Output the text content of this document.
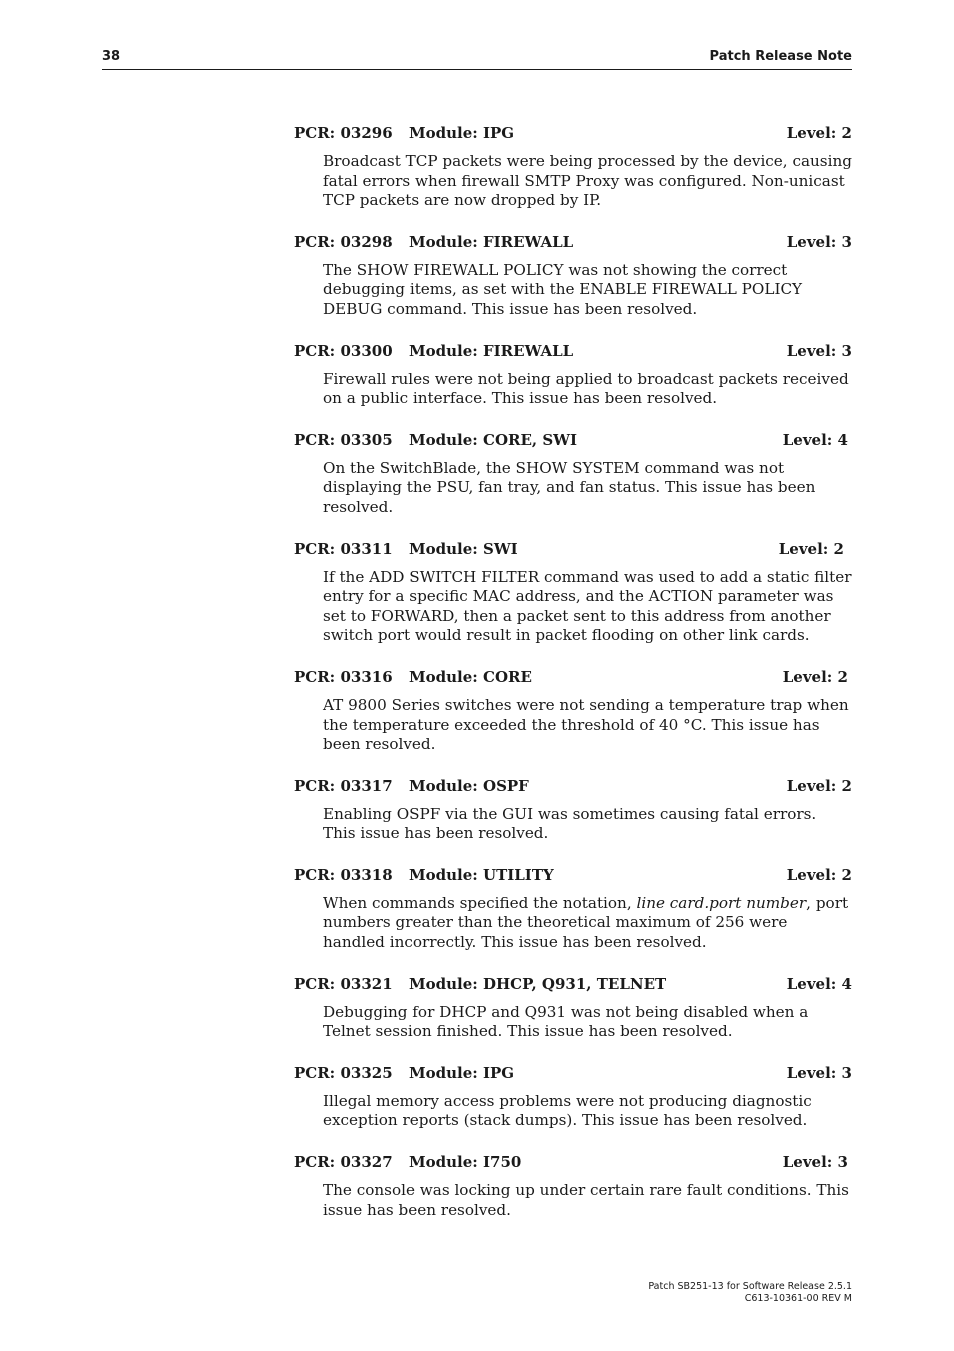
38	Patch Release Note
PCR: 03296 Module: IPG	Level: 2
Broadcast TCP packets were being processed by the device, causing fatal errors when firewall SMTP Proxy was configured. Non-unicast TCP packets are now dropped by IP.
PCR: 03298 Module: FIREWALL	Level: 3
The SHOW FIREWALL POLICY was not showing the correct debugging items, as set with the ENABLE FIREWALL POLICY DEBUG command. This issue has been resolved.
PCR: 03300 Module: FIREWALL	Level: 3
Firewall rules were not being applied to broadcast packets received on a public interface. This issue has been resolved.
PCR: 03305 Module: CORE, SWI	Level: 4
On the SwitchBlade, the SHOW SYSTEM command was not displaying the PSU, fan tray, and fan status. This issue has been resolved.
PCR: 03311 Module: SWI	Level: 2
If the ADD SWITCH FILTER command was used to add a static filter entry for a specific MAC address, and the ACTION parameter was set to FORWARD, then a packet sent to this address from another switch port would result in packet flooding on other link cards.
PCR: 03316 Module: CORE	Level: 2
AT 9800 Series switches were not sending a temperature trap when the temperature exceeded the threshold of 40 °C. This issue has been resolved.
PCR: 03317 Module: OSPF	Level: 2
Enabling OSPF via the GUI was sometimes causing fatal errors. This issue has been resolved.
PCR: 03318 Module: UTILITY	Level: 2
When commands specified the notation, line card.port number, port numbers greater than the theoretical maximum of 256 were handled incorrectly. This issue has been resolved.
PCR: 03321 Module: DHCP, Q931, TELNET	Level: 4
Debugging for DHCP and Q931 was not being disabled when a Telnet session finished. This issue has been resolved.
PCR: 03325 Module: IPG	Level: 3
Illegal memory access problems were not producing diagnostic exception reports (stack dumps). This issue has been resolved.
PCR: 03327 Module: I750	Level: 3
The console was locking up under certain rare fault conditions. This issue has been resolved.
Patch SB251-13 for Software Release 2.5.1
C613-10361-00 REV M
